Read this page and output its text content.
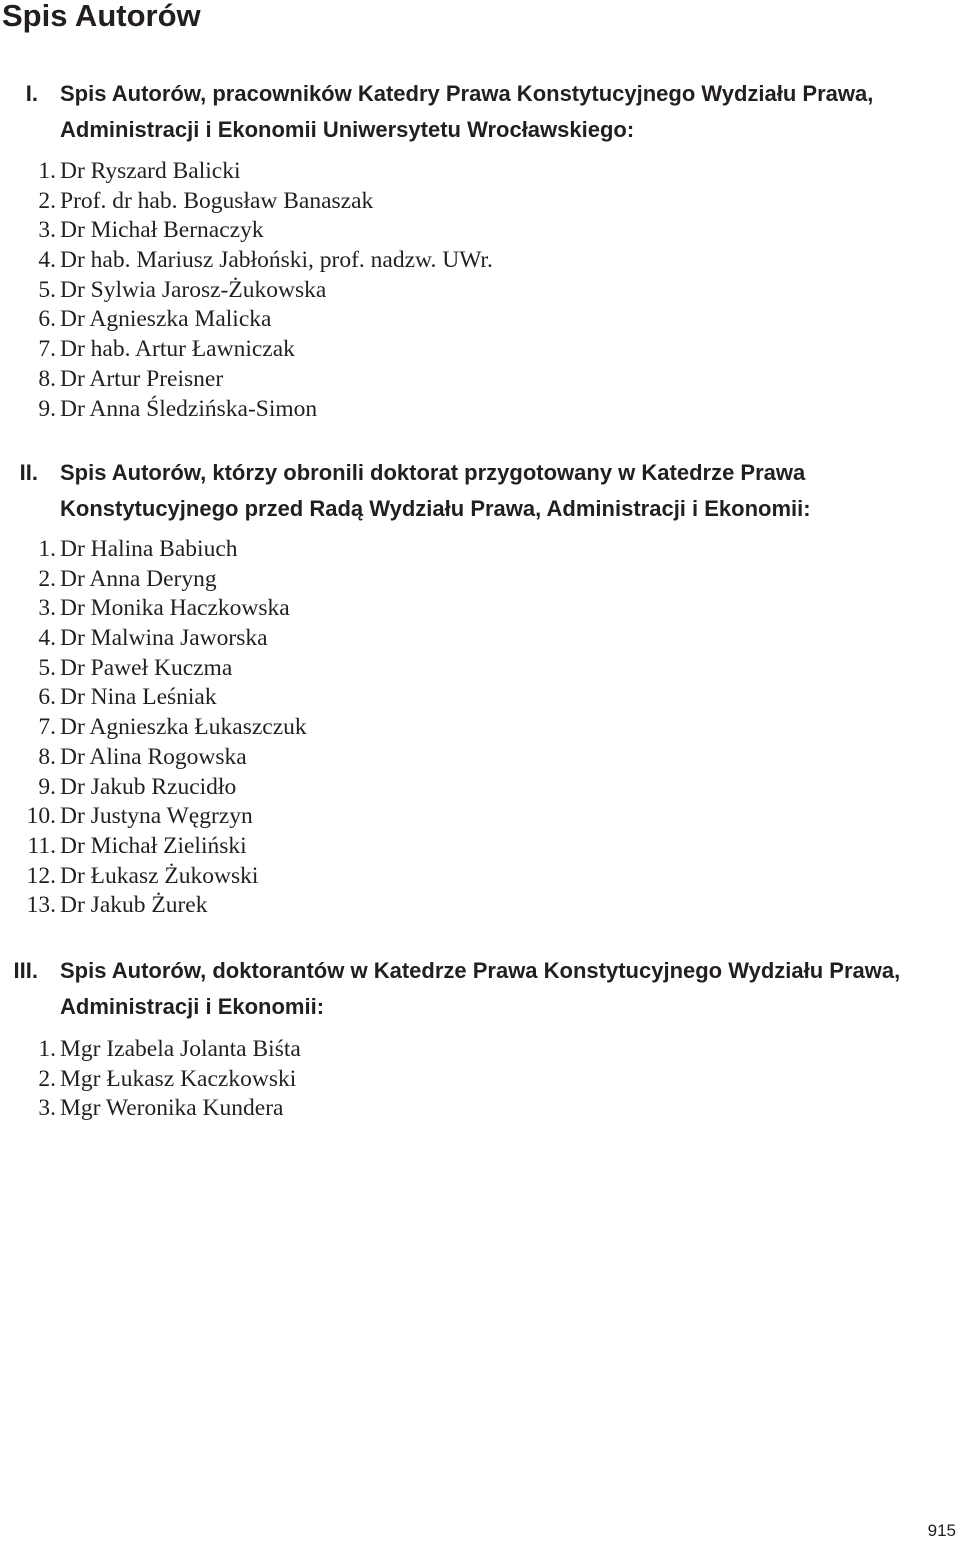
Spis Autorów
I. Spis Autorów, pracowników Katedry Prawa Konstytucyjnego Wydziału Prawa, Administracji i Ekonomii Uniwersytetu Wrocławskiego:
1. Dr Ryszard Balicki
2. Prof. dr hab. Bogusław Banaszak
3. Dr Michał Bernaczyk
4. Dr hab. Mariusz Jabłoński, prof. nadzw. UWr.
5. Dr Sylwia Jarosz-Żukowska
6. Dr Agnieszka Malicka
7. Dr hab. Artur Ławniczak
8. Dr Artur Preisner
9. Dr Anna Śledzińska-Simon
II. Spis Autorów, którzy obronili doktorat przygotowany w Katedrze Prawa Konstytucyjnego przed Radą Wydziału Prawa, Administracji i Ekonomii:
1. Dr Halina Babiuch
2. Dr Anna Deryng
3. Dr Monika Haczkowska
4. Dr Malwina Jaworska
5. Dr Paweł Kuczma
6. Dr Nina Leśniak
7. Dr Agnieszka Łukaszczuk
8. Dr Alina Rogowska
9. Dr Jakub Rzucidło
10. Dr Justyna Węgrzyn
11. Dr Michał Zieliński
12. Dr Łukasz Żukowski
13. Dr Jakub Żurek
III. Spis Autorów, doktorantów w Katedrze Prawa Konstytucyjnego Wydziału Prawa, Administracji i Ekonomii:
1. Mgr Izabela Jolanta Biśta
2. Mgr Łukasz Kaczkowski
3. Mgr Weronika Kundera
915
